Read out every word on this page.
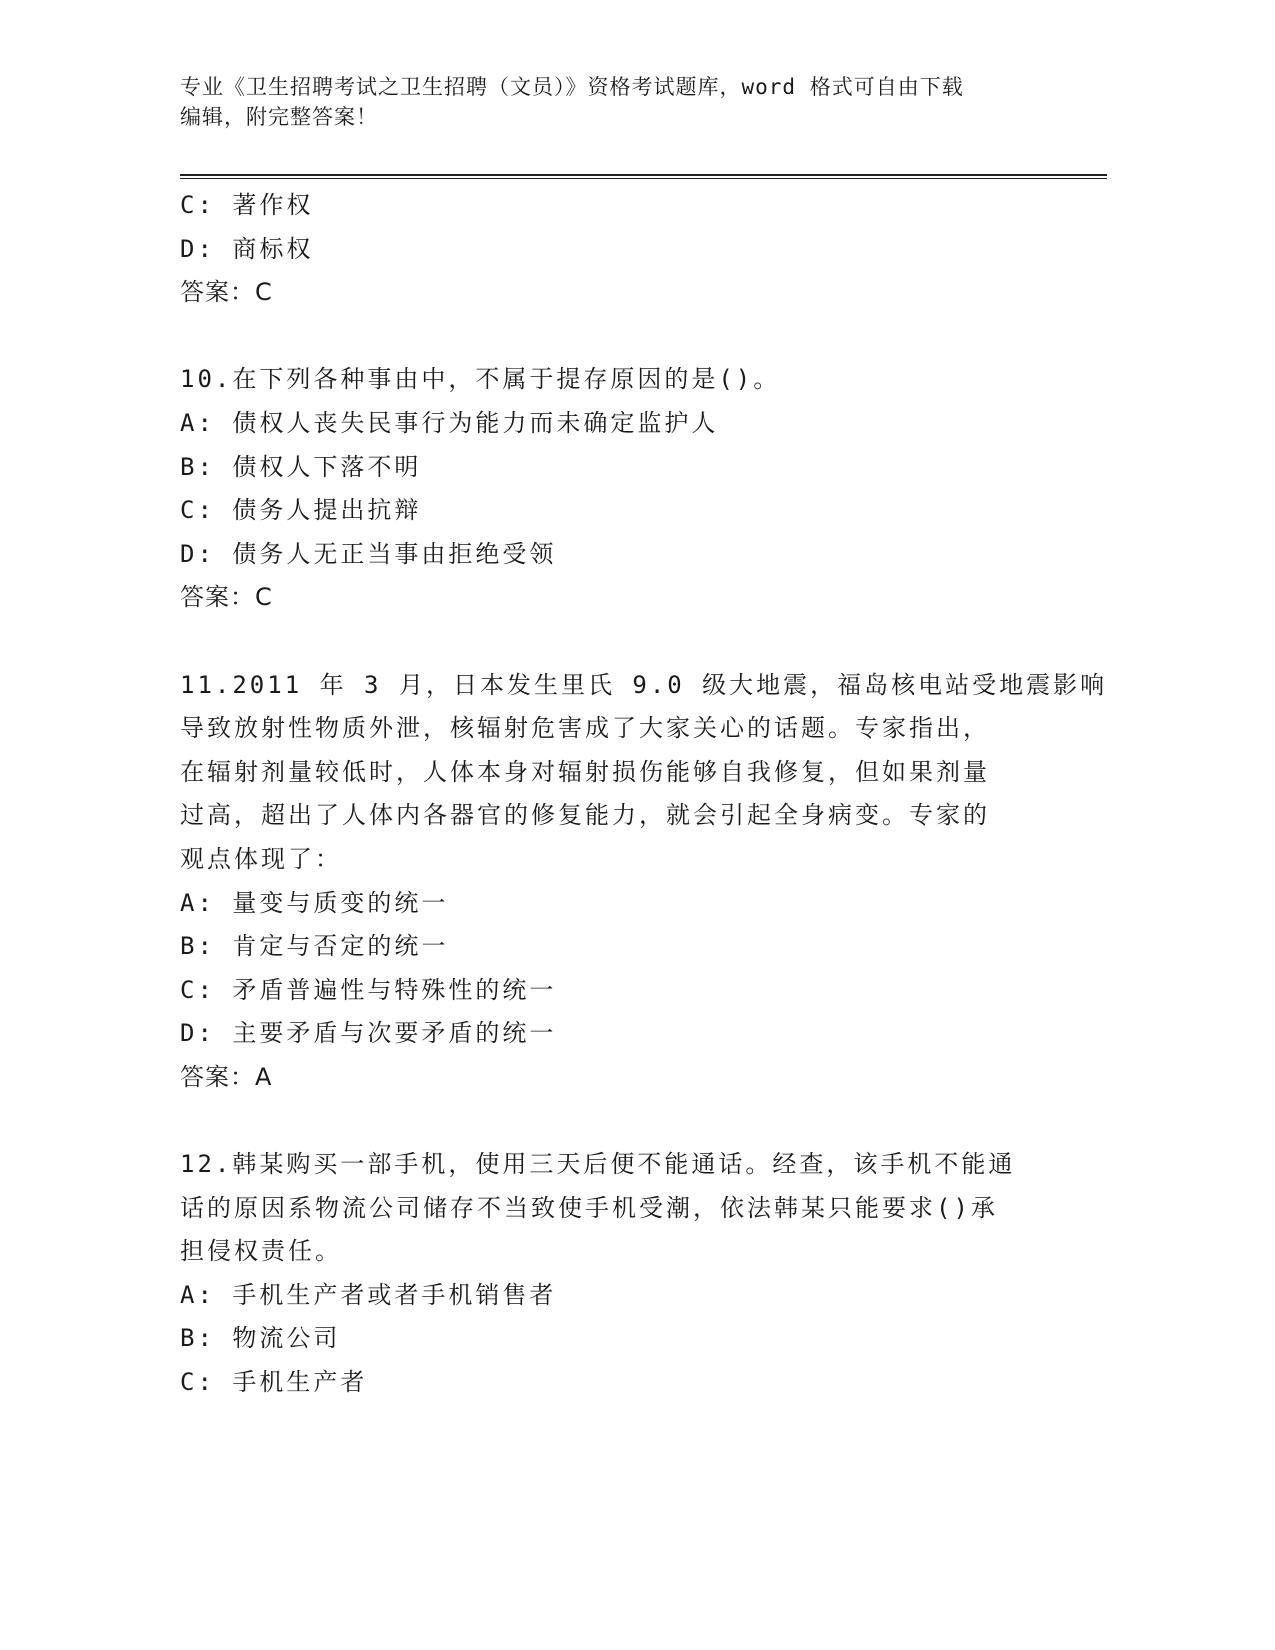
专业《卫生招聘考试之卫生招聘（文员）》资格考试题库，word 格式可自由下载
编辑，附完整答案！
C: 著作权
D: 商标权
答案：C
10.在下列各种事由中，不属于提存原因的是()。
A: 债权人丧失民事行为能力而未确定监护人
B: 债权人下落不明
C: 债务人提出抗辩
D: 债务人无正当事由拒绝受领
答案：C
11.2011 年 3 月，日本发生里氏 9.0 级大地震，福岛核电站受地震影响
导致放射性物质外泄，核辐射危害成了大家关心的话题。专家指出，
在辐射剂量较低时，人体本身对辐射损伤能够自我修复，但如果剂量
过高，超出了人体内各器官的修复能力，就会引起全身病变。专家的
观点体现了：
A: 量变与质变的统一
B: 肯定与否定的统一
C: 矛盾普遍性与特殊性的统一
D: 主要矛盾与次要矛盾的统一
答案：A
12.韩某购买一部手机，使用三天后便不能通话。经查，该手机不能通
话的原因系物流公司储存不当致使手机受潮，依法韩某只能要求()承
担侵权责任。
A: 手机生产者或者手机销售者
B: 物流公司
C: 手机生产者
